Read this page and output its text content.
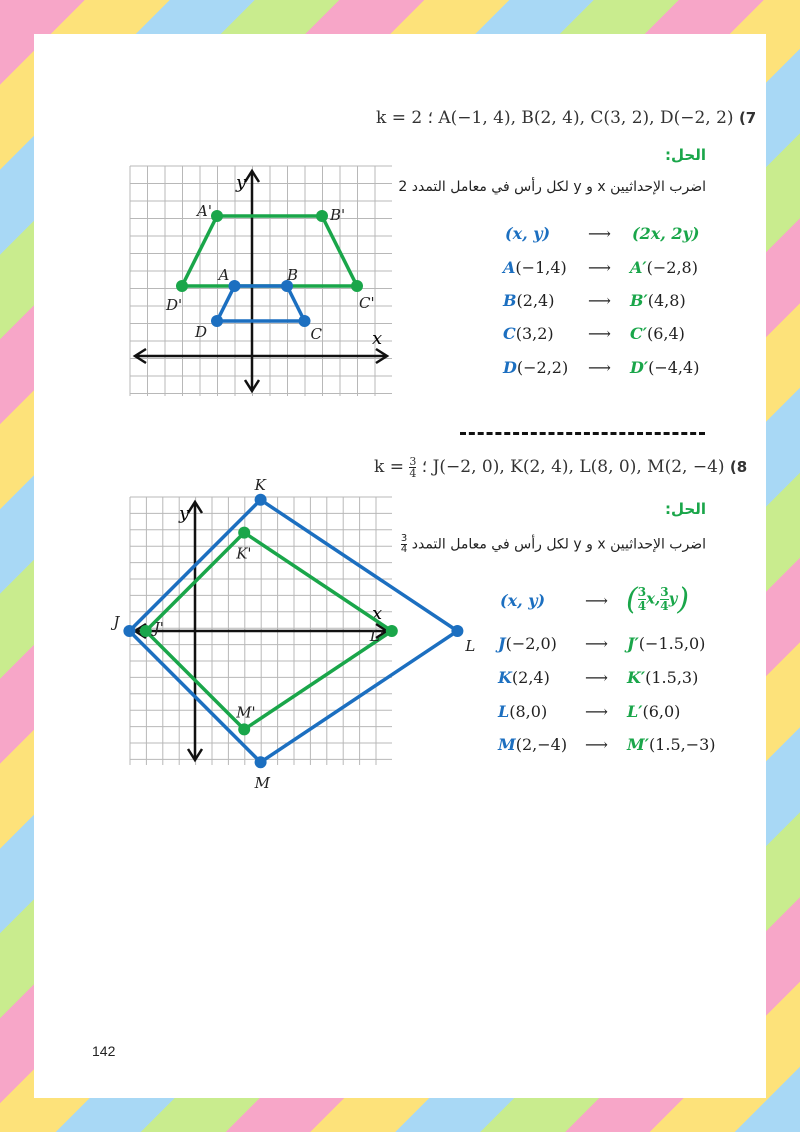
k = 2 ؛ A(−1, 4), B(2, 4), C(3, 2), D(−2, 2) (7
الحل:
اضرب الإحداثيين x و y لكل رأس في معامل التمدد 2
(x, y) ⟶ (2x, 2y)
A(−1,4) ⟶ A′(−2,8)
B(2,4) ⟶ B′(4,8)
C(3,2) ⟶ C′(6,4)
D(−2,2) ⟶ D′(−4,4)
x
y
A'	B'
C'
D'
A	B
C
D
$k = \frac{3}{4}$ ؛ J(−2, 0), K(2, 4), L(8, 0), M(2, −4) (8
الحل:
اضرب الإحداثيين x و y لكل رأس في معامل التمدد
$\frac{3}{4}$
(x, y) ⟶ ( $\frac{3}{4} x$, $\frac{3}{4} y$)
J(−2,0) ⟶ J′(−1.5,0)
K(2,4) ⟶ K′(1.5,3)
L(8,0) ⟶ L′(6,0)
M(2,−4) ⟶ M′(1.5,−3)
x
y
J'
K'
L'
M'
J
K
L
M
142
